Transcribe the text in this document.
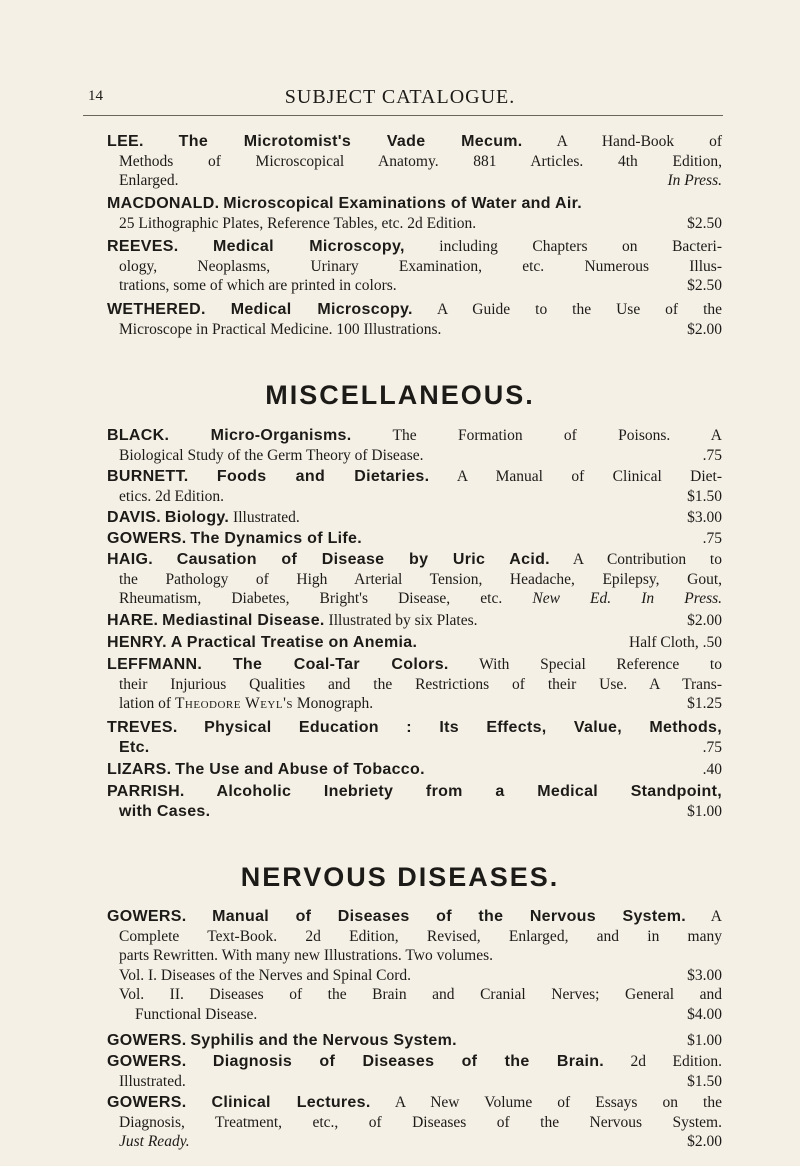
14	SUBJECT CATALOGUE.
LEE. The Microtomist's Vade Mecum. A Hand-Book of
Methods of Microscopical Anatomy. 881 Articles. 4th Edition,
Enlarged.	In Press.
MACDONALD. Microscopical Examinations of Water and Air.
25 Lithographic Plates, Reference Tables, etc. 2d Edition.	$2.50
REEVES. Medical Microscopy, including Chapters on Bacteri-
ology, Neoplasms, Urinary Examination, etc. Numerous Illus-
trations, some of which are printed in colors.	$2.50
WETHERED. Medical Microscopy. A Guide to the Use of the
Microscope in Practical Medicine. 100 Illustrations.	$2.00
MISCELLANEOUS.
BLACK.	Micro-Organisms.	The Formation of Poisons. A
Biological Study of the Germ Theory of Disease.	.75
BURNETT. Foods and Dietaries. A Manual of Clinical Diet-
etics. 2d Edition.	$1.50
DAVIS. Biology. Illustrated.	$3.00
GOWERS. The Dynamics of Life.	.75
HAIG. Causation of Disease by Uric Acid. A Contribution to
the Pathology of High Arterial Tension, Headache, Epilepsy, Gout,
Rheumatism, Diabetes, Bright's Disease, etc. New Ed. In Press.
HARE. Mediastinal Disease. Illustrated by six Plates.	$2.00
HENRY. A Practical Treatise on Anemia.	Half Cloth, .50
LEFFMANN. The Coal-Tar Colors. With Special Reference to
their Injurious Qualities and the Restrictions of their Use. A Trans-
lation of Theodore Weyl's Monograph.	$1.25
TREVES. Physical Education : Its Effects, Value, Methods,
Etc.	.75
LIZARS. The Use and Abuse of Tobacco.	.40
PARRISH. Alcoholic Inebriety from a Medical Standpoint,
with Cases.	$1.00
NERVOUS DISEASES.
GOWERS. Manual of Diseases of the Nervous System. A
Complete Text-Book. 2d Edition, Revised, Enlarged, and in many
parts Rewritten. With many new Illustrations. Two volumes.
Vol. I. Diseases of the Nerves and Spinal Cord.	$3.00
Vol. II. Diseases of the Brain and Cranial Nerves; General and
Functional Disease.	$4.00
GOWERS. Syphilis and the Nervous System.	$1.00
GOWERS. Diagnosis of Diseases of the Brain. 2d Edition.
Illustrated.	$1.50
GOWERS. Clinical Lectures. A New Volume of Essays on the
Diagnosis, Treatment, etc., of Diseases of the Nervous System.
Just Ready.	$2.00
